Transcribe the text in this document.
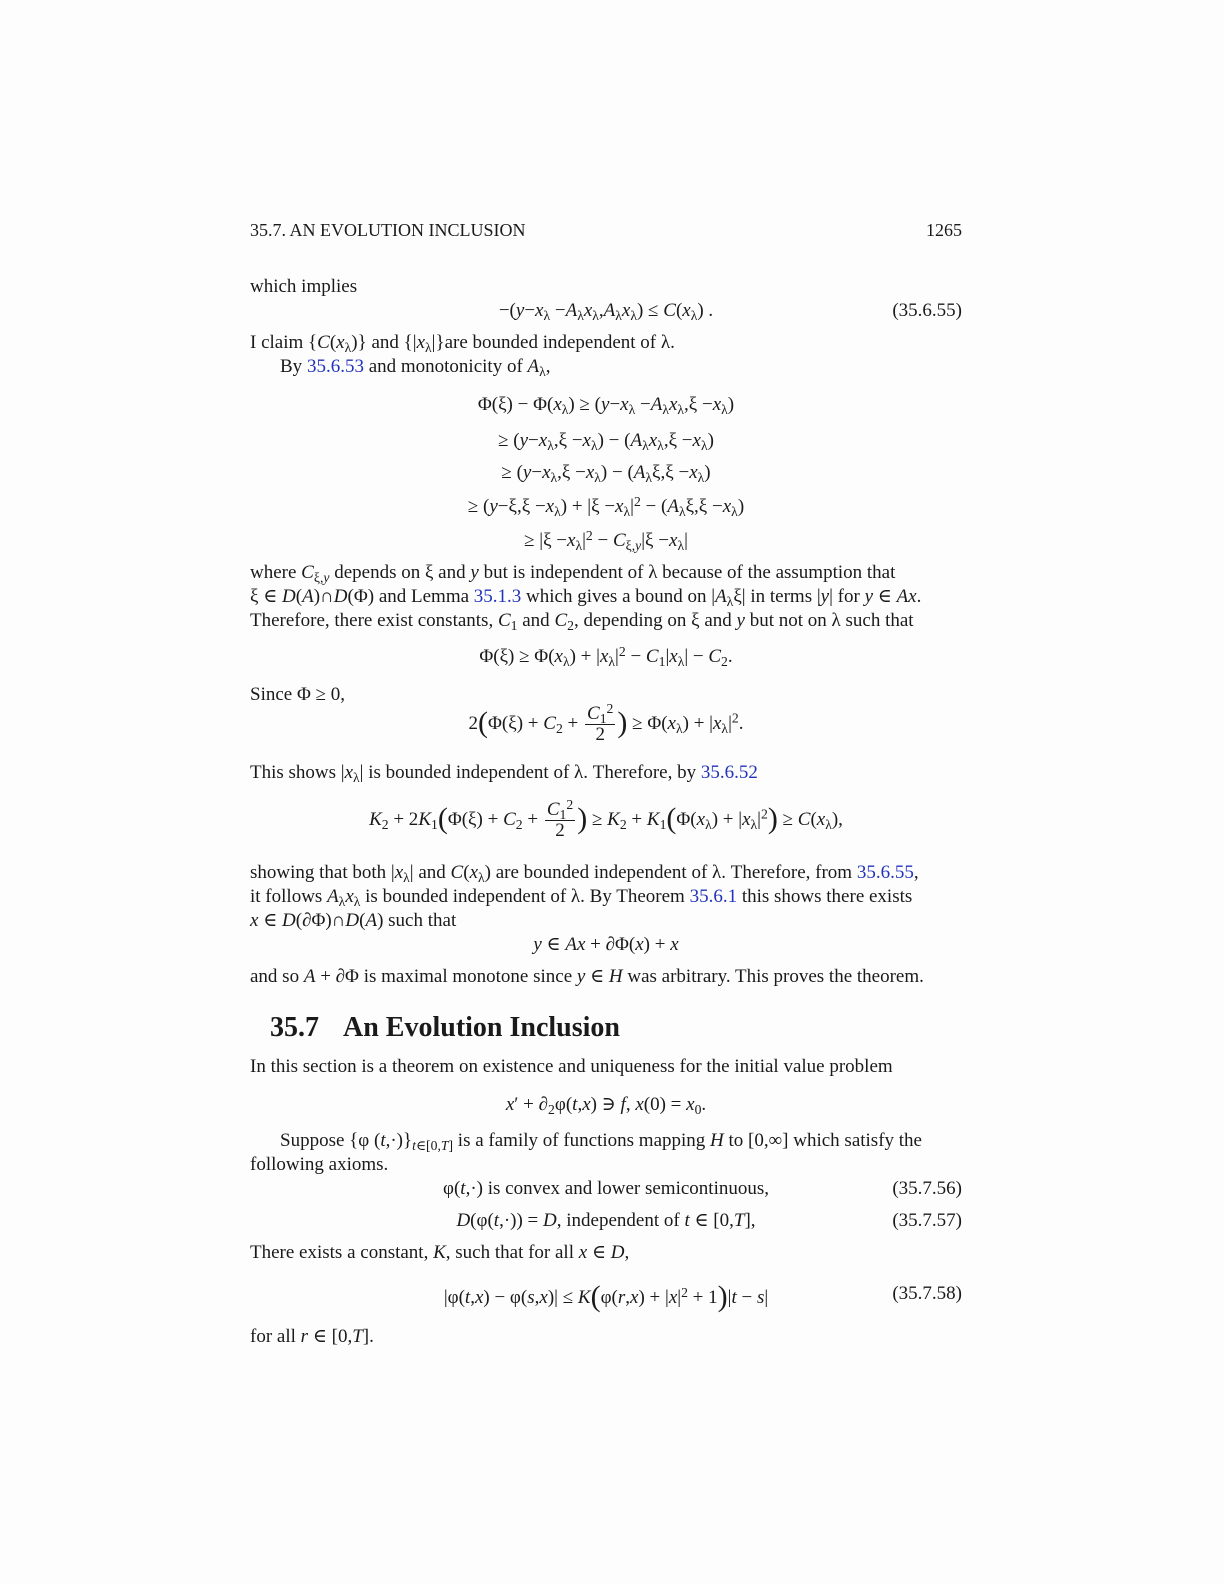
35.7. AN EVOLUTION INCLUSION	1265
which implies
$-(y-x_\lambda -A_\lambda x_\lambda,A_\lambda x_\lambda) \le C(x_\lambda)$ .	(35.6.55)
I claim $\{C(x_\lambda)\}$ and $\{|x_\lambda|\}are$ bounded independent of λ.
By 35.6.53 and monotonicity of $A_\lambda$,
$\Phi(\xi) - \Phi(x_\lambda) \ge (y-x_\lambda -A_\lambda x_\lambda,\xi -x_\lambda)$
≥ $(y-x_\lambda,\xi -x_\lambda) - (A_\lambda x_\lambda,\xi -x_\lambda)$
≥ $(y-x_\lambda,\xi -x_\lambda) - (A_\lambda\xi,\xi -x_\lambda)$
≥ $(y-\xi,\xi -x_\lambda) + |\xi -x_\lambda|^2 - (A_\lambda\xi,\xi -x_\lambda)$
≥ $|\xi -x_\lambda|^2 - C_{\xi,y}|\xi -x_\lambda|$
where $C_{\xi,y}$ depends on ξ and y but is independent of λ because of the assumption that
ξ ∈ D(A)∩D(Φ) and Lemma 35.1.3 which gives a bound on $|A_\lambda\xi|$ in terms |y| for y ∈ Ax.
Therefore, there exist constants, $C_1$ and $C_2$, depending on ξ and y but not on λ such that
$\Phi(\xi) \ge \Phi(x_\lambda) + |x_\lambda|^2 - C_1|x_\lambda| - C_2$.
Since Φ ≥ 0,
$2(\Phi(\xi) + C_2 + \frac{C_1^2}{2}$ ) ≥ $\Phi(x_\lambda) + |x_\lambda|^2$.
This shows $|x_\lambda|$ is bounded independent of λ. Therefore, by 35.6.52
$K_2 + 2K_1(\Phi(\xi) + C_2 + \frac{C_1^2}{2}$ ) ≥ $K_2 + K_1(\Phi(x_\lambda) + |x_\lambda|^2) \ge C(x_\lambda)$,
showing that both $|x_\lambda|$ and $C(x_\lambda)$ are bounded independent of λ. Therefore, from 35.6.55,
it follows $A_\lambda x_\lambda$ is bounded independent of λ. By Theorem 35.6.1 this shows there exists
x ∈ D(∂Φ)∩D(A) such that
y ∈ Ax + ∂Φ(x) + x
and so A + ∂Φ is maximal monotone since y ∈ H was arbitrary. This proves the theorem.
35.7 An Evolution Inclusion
In this section is a theorem on existence and uniqueness for the initial value problem
$x' + \partial_2\varphi(t,x)$ ∋ f, $x(0) = x_0$.
Suppose {φ $(t,\cdot)\}_{t\in[0,T]}$ is a family of functions mapping H to [0,∞] which satisfy the
following axioms.
φ(t,·) is convex and lower semicontinuous,	(35.7.56)
D(φ(t,·)) = D, independent of t ∈ [0,T],	(35.7.57)
There exists a constant, K, such that for all x ∈ D,
$|\varphi(t,x) - \varphi(s,x)| \le K(\varphi(r,x) + |x|^2 + 1)|t - s|$	(35.7.58)
for all r ∈ [0,T].
